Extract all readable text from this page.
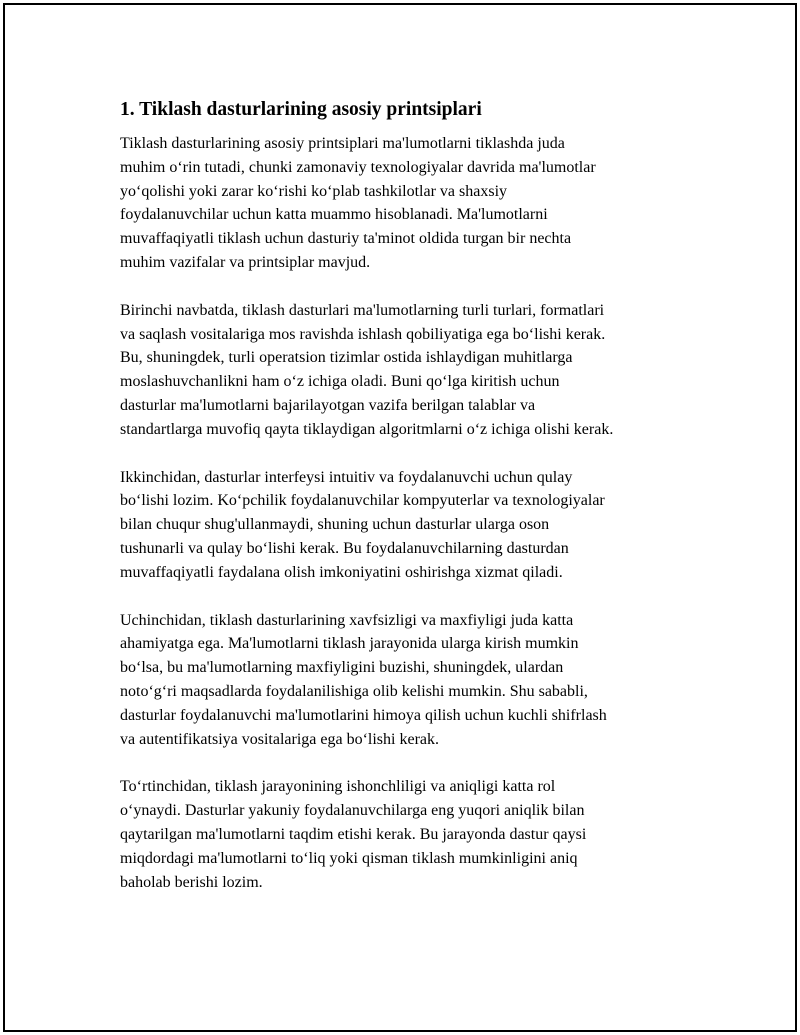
1. Tiklash dasturlarining asosiy printsiplari

Tiklash dasturlarining asosiy printsiplari ma'lumotlarni tiklashda juda
muhim o‘rin tutadi, chunki zamonaviy texnologiyalar davrida ma'lumotlar
yo‘qolishi yoki zarar ko‘rishi ko‘plab tashkilotlar va shaxsiy
foydalanuvchilar uchun katta muammo hisoblanadi. Ma'lumotlarni
muvaffaqiyatli tiklash uchun dasturiy ta'minot oldida turgan bir nechta
muhim vazifalar va printsiplar mavjud.

Birinchi navbatda, tiklash dasturlari ma'lumotlarning turli turlari, formatlari
va saqlash vositalariga mos ravishda ishlash qobiliyatiga ega bo‘lishi kerak.
Bu, shuningdek, turli operatsion tizimlar ostida ishlaydigan muhitlarga
moslashuvchanlikni ham o‘z ichiga oladi. Buni qo‘lga kiritish uchun
dasturlar ma'lumotlarni bajarilayotgan vazifa berilgan talablar va
standartlarga muvofiq qayta tiklaydigan algoritmlarni o‘z ichiga olishi kerak.

Ikkinchidan, dasturlar interfeysi intuitiv va foydalanuvchi uchun qulay
bo‘lishi lozim. Ko‘pchilik foydalanuvchilar kompyuterlar va texnologiyalar
bilan chuqur shug'ullanmaydi, shuning uchun dasturlar ularga oson
tushunarli va qulay bo‘lishi kerak. Bu foydalanuvchilarning dasturdan
muvaffaqiyatli faydalana olish imkoniyatini oshirishga xizmat qiladi.

Uchinchidan, tiklash dasturlarining xavfsizligi va maxfiyligi juda katta
ahamiyatga ega. Ma'lumotlarni tiklash jarayonida ularga kirish mumkin
bo‘lsa, bu ma'lumotlarning maxfiyligini buzishi, shuningdek, ulardan
noto‘g‘ri maqsadlarda foydalanilishiga olib kelishi mumkin. Shu sababli,
dasturlar foydalanuvchi ma'lumotlarini himoya qilish uchun kuchli shifrlash
va autentifikatsiya vositalariga ega bo‘lishi kerak.

To‘rtinchidan, tiklash jarayonining ishonchliligi va aniqligi katta rol
o‘ynaydi. Dasturlar yakuniy foydalanuvchilarga eng yuqori aniqlik bilan
qaytarilgan ma'lumotlarni taqdim etishi kerak. Bu jarayonda dastur qaysi
miqdordagi ma'lumotlarni to‘liq yoki qisman tiklash mumkinligini aniq
baholab berishi lozim.
